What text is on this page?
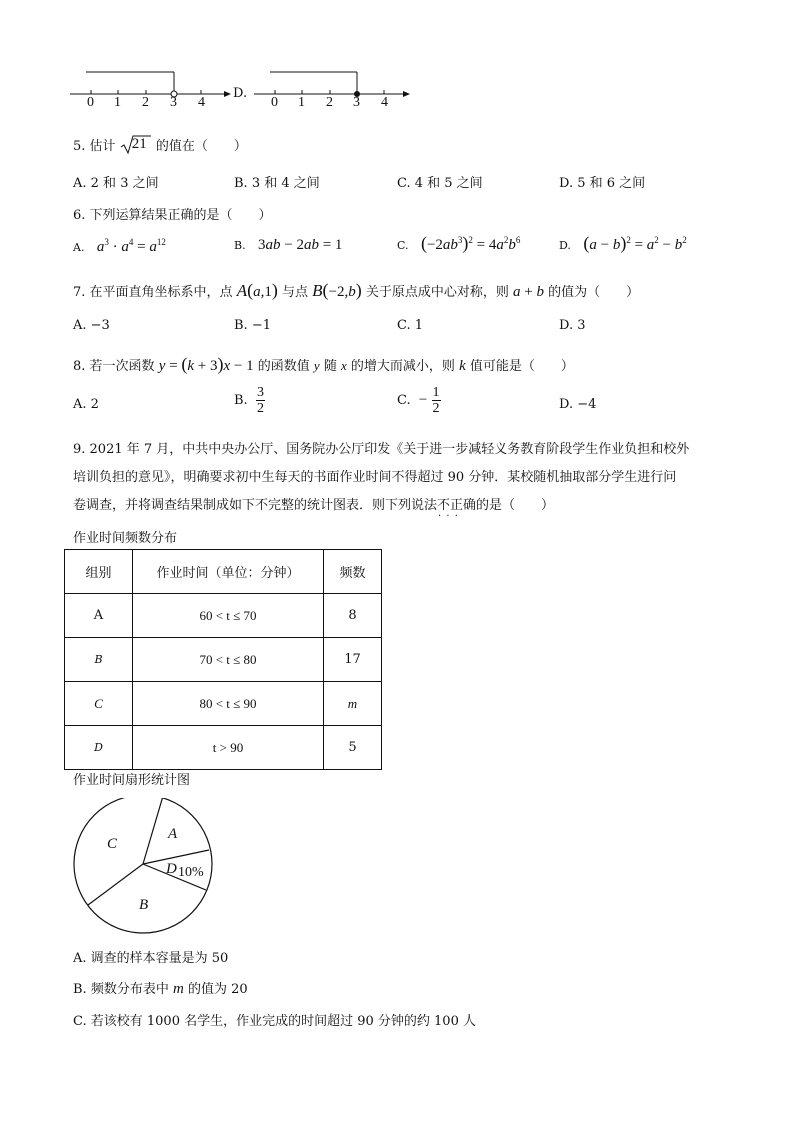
0 1 2 3 4
D.
0 1 2 3 4
5. 估计 21 的值在（　　）
A. 2 和 3 之间	B. 3 和 4 之间	C. 4 和 5 之间	D. 5 和 6 之间
6. 下列运算结果正确的是（　　）
A. $a^3 \cdot a^4 = a^{12}$	B. 3ab − 2ab = 1	C. $(-2ab^3)^2 = 4a^2b^6$	D. $(a - b)^2 = a^2 - b^2$
7. 在平面直角坐标系中，点 A(a,1) 与点 B(−2,b) 关于原点成中心对称，则 a + b 的值为（　　）
A. −3	B. −1	C. 1	D. 3
8. 若一次函数 y = (k + 3)x − 1 的函数值 y 随 x 的增大而减小，则 k 值可能是（　　）
A. 2	B. $\frac{3}{2}$	C. − $\frac{1}{2}$	D. −4
9. 2021 年 7 月，中共中央办公厅、国务院办公厅印发《关于进一步减轻义务教育阶段学生作业负担和校外
培训负担的意见》，明确要求初中生每天的书面作业时间不得超过 90 分钟．某校随机抽取部分学生进行问
卷调查，并将调查结果制成如下不完整的统计图表．则下列说法不正确 · · ·的是（　　）
作业时间频数分布
组别	作业时间（单位：分钟）	频数
A	60 < t ≤ 70	8
B	70 < t ≤ 80	17
C	80 < t ≤ 90	m
D	t > 90	5
作业时间扇形统计图
C
A
D 10%
B
A. 调查的样本容量是为 50
B. 频数分布表中 m 的值为 20
C. 若该校有 1000 名学生，作业完成的时间超过 90 分钟的约 100 人
